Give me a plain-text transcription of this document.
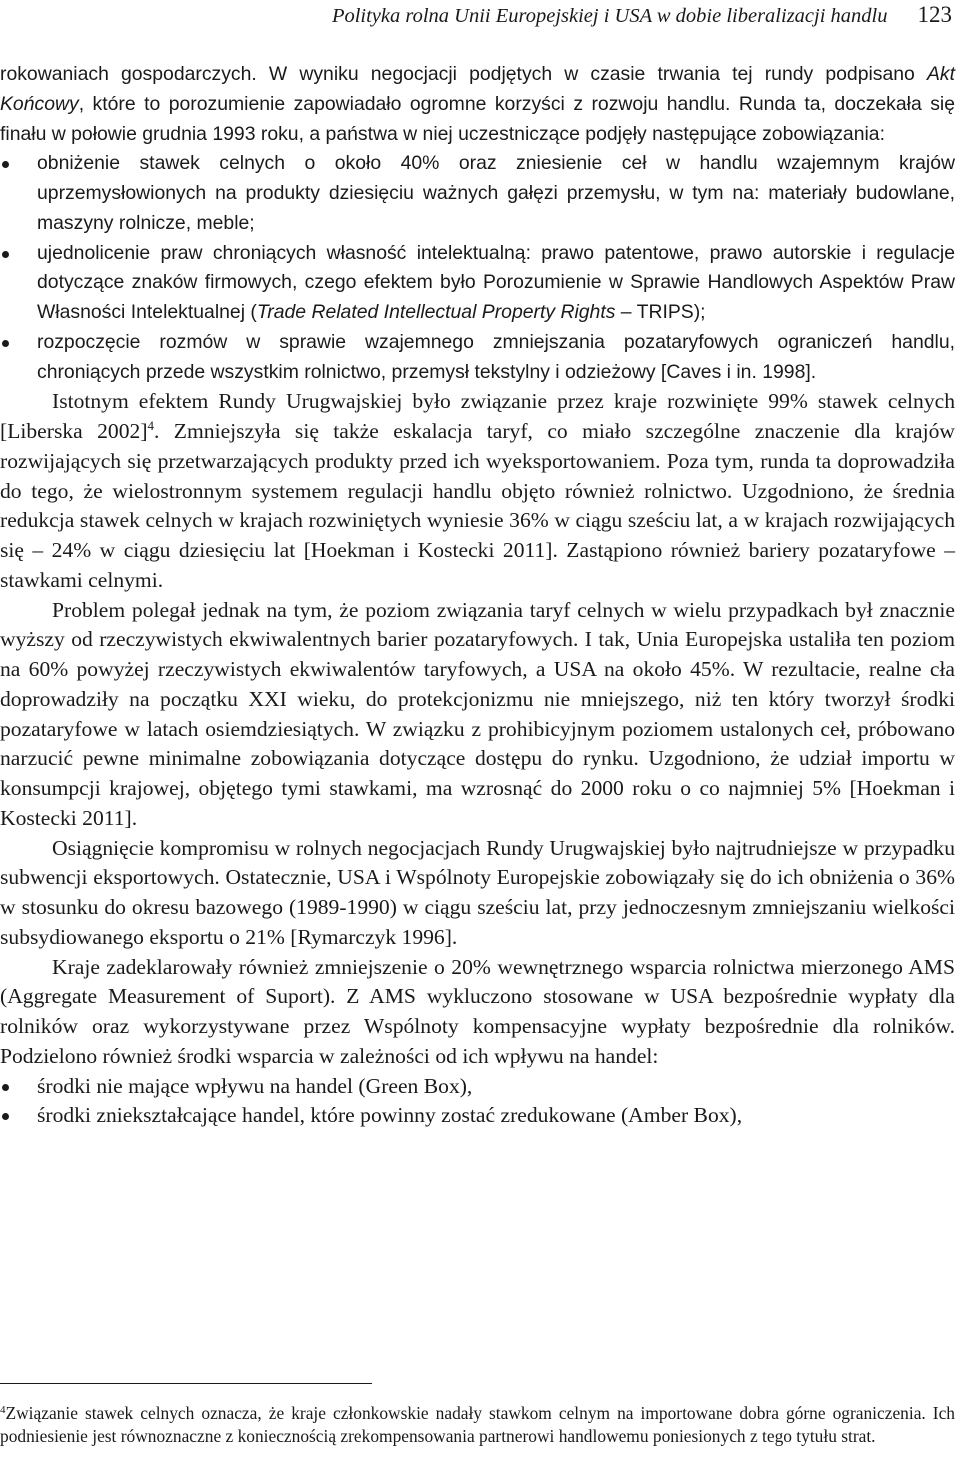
Polityka rolna Unii Europejskiej i USA w dobie liberalizacji handlu 123

rokowaniach gospodarczych. W wyniku negocjacji podjętych w czasie trwania tej rundy podpisano Akt Końcowy, które to porozumienie zapowiadało ogromne korzyści z rozwoju handlu. Runda ta, doczekała się finału w połowie grudnia 1993 roku, a państwa w niej uczestniczące podjęły następujące zobowiązania:

obniżenie stawek celnych o około 40% oraz zniesienie ceł w handlu wzajemnym krajów uprzemysłowionych na produkty dziesięciu ważnych gałęzi przemysłu, w tym na: materiały budowlane, maszyny rolnicze, meble;
ujednolicenie praw chroniących własność intelektualną: prawo patentowe, prawo autorskie i regulacje dotyczące znaków firmowych, czego efektem było Porozumienie w Sprawie Handlowych Aspektów Praw Własności Intelektualnej (Trade Related Intellectual Property Rights – TRIPS);
rozpoczęcie rozmów w sprawie wzajemnego zmniejszania pozataryfowych ograniczeń handlu, chroniących przede wszystkim rolnictwo, przemysł tekstylny i odzieżowy [Caves i in. 1998].

Istotnym efektem Rundy Urugwajskiej było związanie przez kraje rozwinięte 99% stawek celnych [Liberska 2002]$^4$. Zmniejszyła się także eskalacja taryf, co miało szczególne znaczenie dla krajów rozwijających się przetwarzających produkty przed ich wyeksportowaniem. Poza tym, runda ta doprowadziła do tego, że wielostronnym systemem regulacji handlu objęto również rolnictwo. Uzgodniono, że średnia redukcja stawek celnych w krajach rozwiniętych wyniesie 36% w ciągu sześciu lat, a w krajach rozwijających się – 24% w ciągu dziesięciu lat [Hoekman i Kostecki 2011]. Zastąpiono również bariery pozataryfowe – stawkami celnymi.

Problem polegał jednak na tym, że poziom związania taryf celnych w wielu przypadkach był znacznie wyższy od rzeczywistych ekwiwalentnych barier pozataryfowych. I tak, Unia Europejska ustaliła ten poziom na 60% powyżej rzeczywistych ekwiwalentów taryfowych, a USA na około 45%. W rezultacie, realne cła doprowadziły na początku XXI wieku, do protekcjonizmu nie mniejszego, niż ten który tworzył środki pozataryfowe w latach osiemdziesiątych. W związku z prohibicyjnym poziomem ustalonych ceł, próbowano narzucić pewne minimalne zobowiązania dotyczące dostępu do rynku. Uzgodniono, że udział importu w konsumpcji krajowej, objętego tymi stawkami, ma wzrosnąć do 2000 roku o co najmniej 5% [Hoekman i Kostecki 2011].

Osiągnięcie kompromisu w rolnych negocjacjach Rundy Urugwajskiej było najtrudniejsze w przypadku subwencji eksportowych. Ostatecznie, USA i Wspólnoty Europejskie zobowiązały się do ich obniżenia o 36% w stosunku do okresu bazowego (1989-1990) w ciągu sześciu lat, przy jednoczesnym zmniejszaniu wielkości subsydiowanego eksportu o 21% [Rymarczyk 1996].

Kraje zadeklarowały również zmniejszenie o 20% wewnętrznego wsparcia rolnictwa mierzonego AMS (Aggregate Measurement of Suport). Z AMS wykluczono stosowane w USA bezpośrednie wypłaty dla rolników oraz wykorzystywane przez Wspólnoty kompensacyjne wypłaty bezpośrednie dla rolników. Podzielono również środki wsparcia w zależności od ich wpływu na handel:

środki nie mające wpływu na handel (Green Box),
środki zniekształcające handel, które powinny zostać zredukowane (Amber Box),
$^4$Związanie stawek celnych oznacza, że kraje członkowskie nadały stawkom celnym na importowane dobra górne ograniczenia. Ich podniesienie jest równoznaczne z koniecznością zrekompensowania partnerowi handlowemu poniesionych z tego tytułu strat.
